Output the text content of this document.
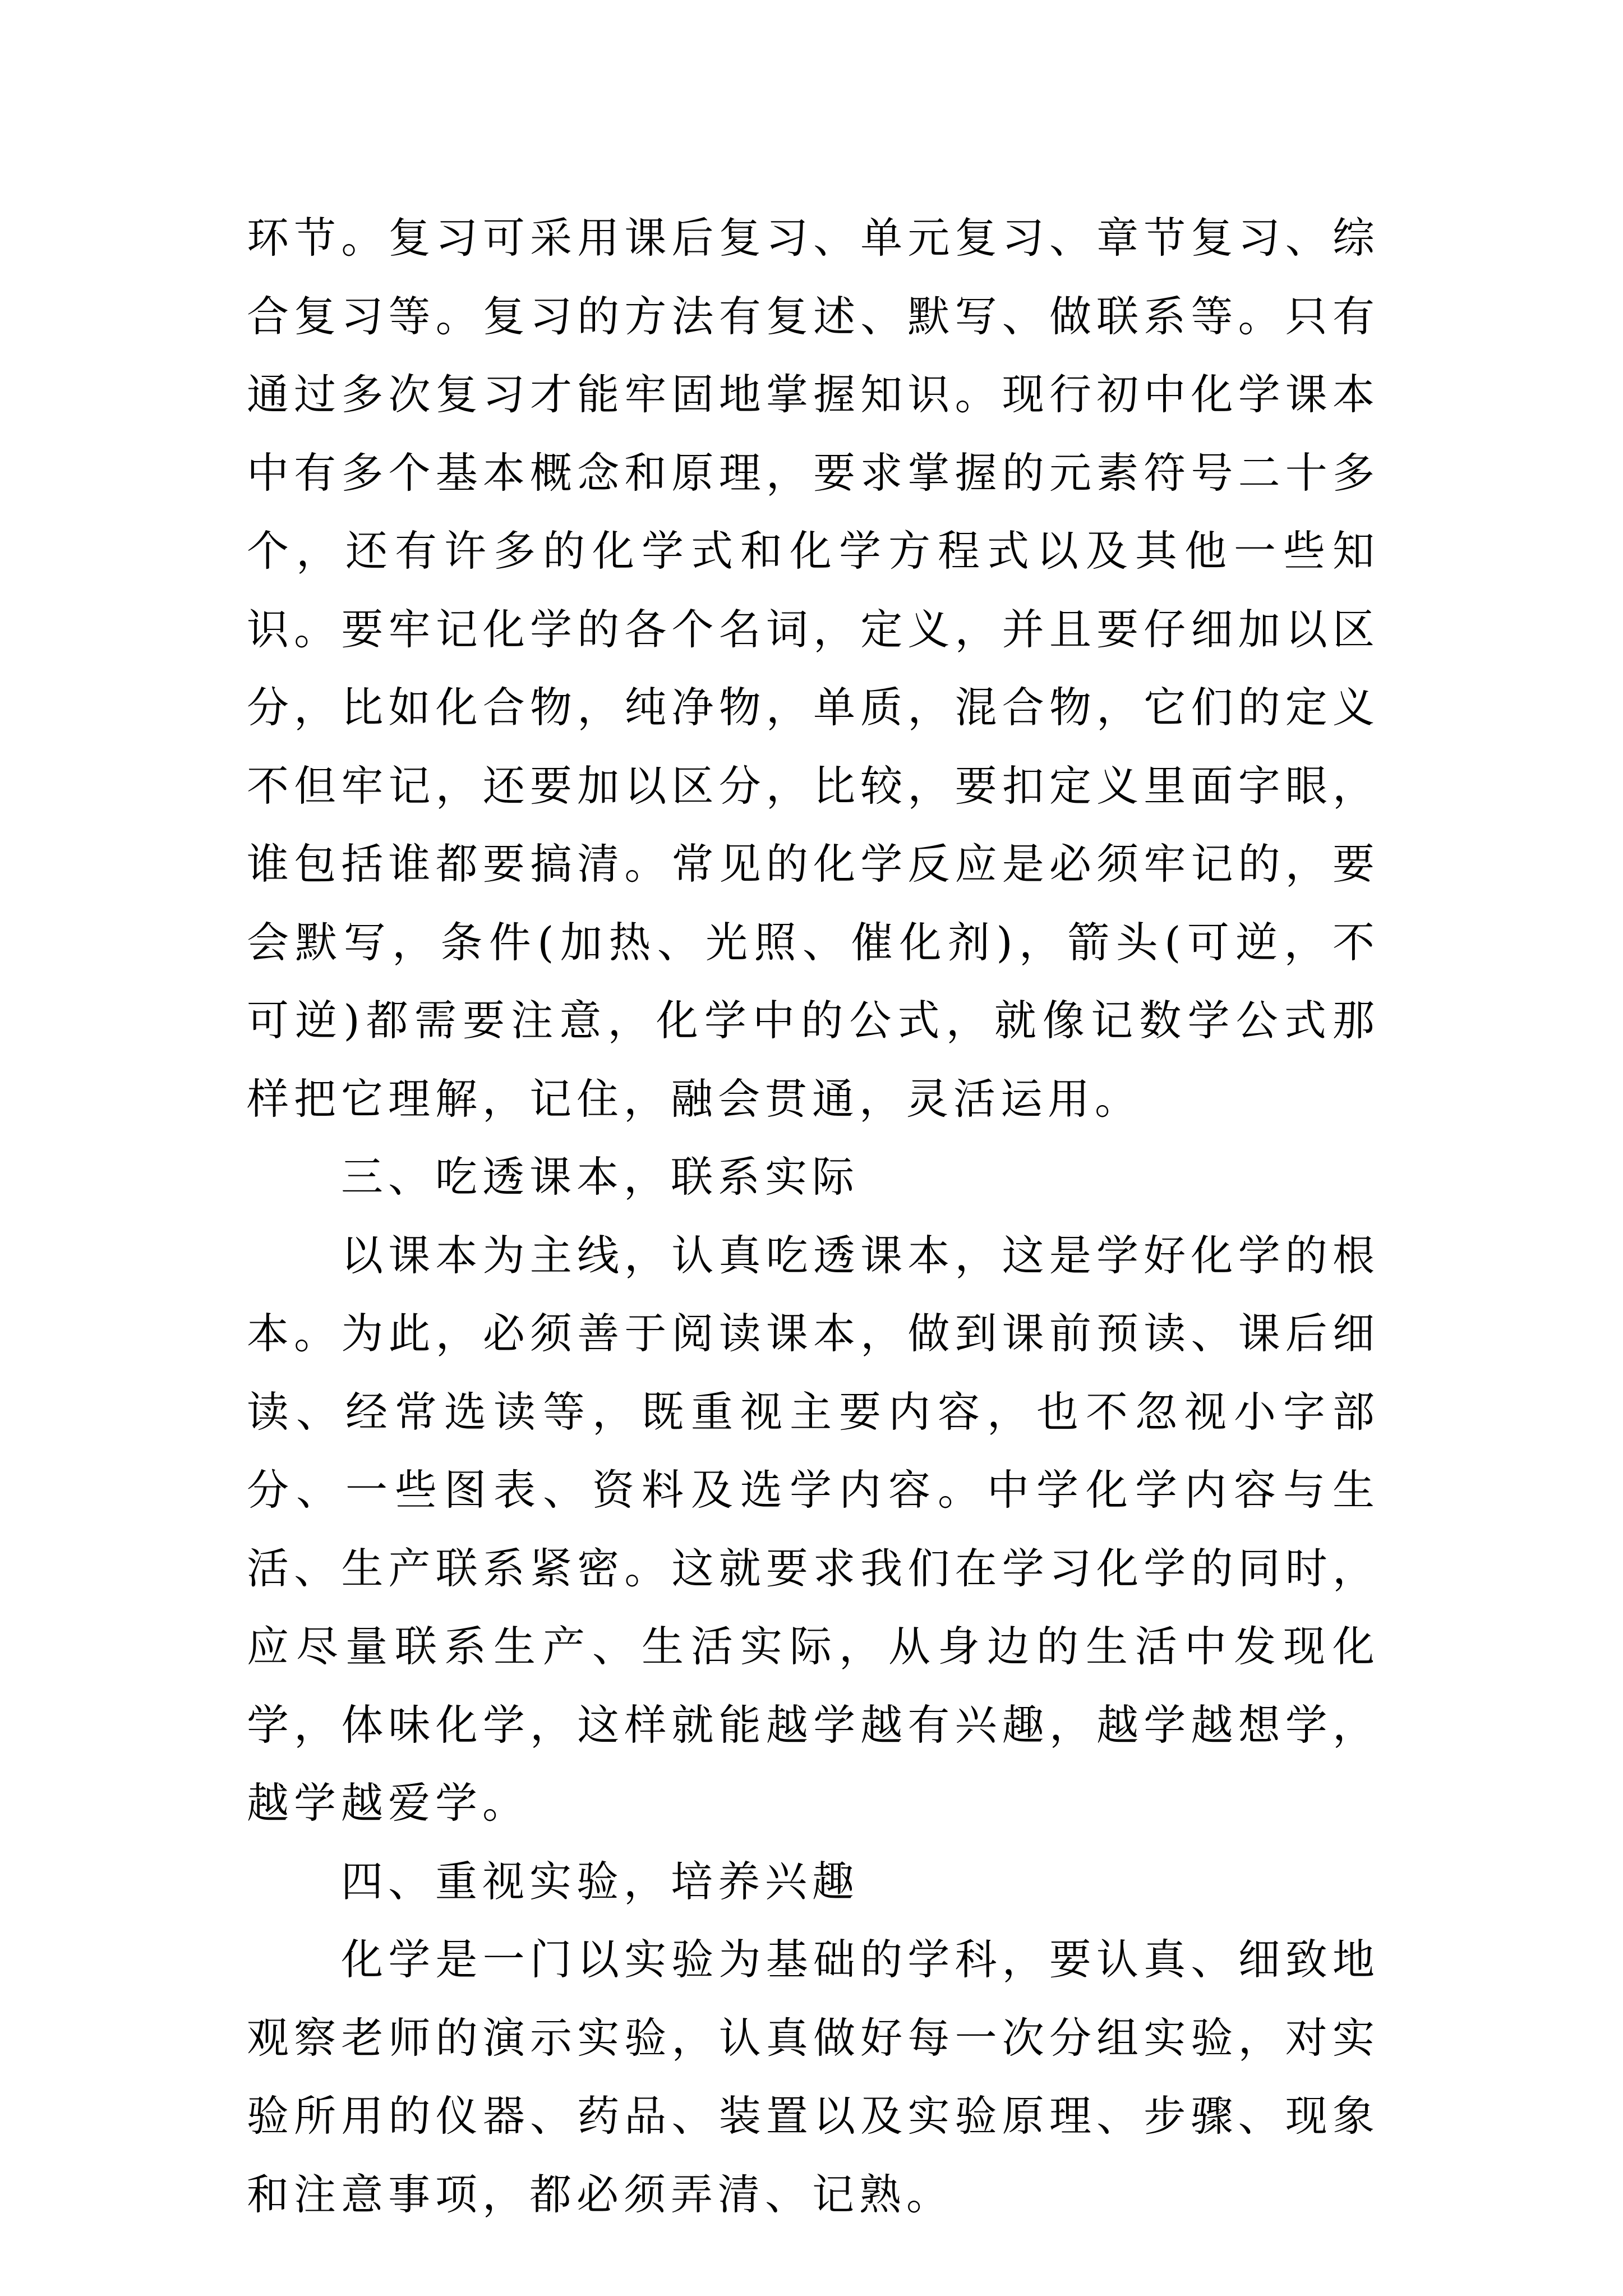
环节。复习可采用课后复习、单元复习、章节复习、综合复习等。复习的方法有复述、默写、做联系等。只有通过多次复习才能牢固地掌握知识。现行初中化学课本中有多个基本概念和原理，要求掌握的元素符号二十多个，还有许多的化学式和化学方程式以及其他一些知识。要牢记化学的各个名词，定义，并且要仔细加以区分，比如化合物，纯净物，单质，混合物，它们的定义不但牢记，还要加以区分，比较，要扣定义里面字眼，谁包括谁都要搞清。常见的化学反应是必须牢记的，要会默写，条件(加热、光照、催化剂)，箭头(可逆，不可逆)都需要注意，化学中的公式，就像记数学公式那样把它理解，记住，融会贯通，灵活运用。

三、吃透课本，联系实际

以课本为主线，认真吃透课本，这是学好化学的根本。为此，必须善于阅读课本，做到课前预读、课后细读、经常选读等，既重视主要内容，也不忽视小字部分、一些图表、资料及选学内容。中学化学内容与生活、生产联系紧密。这就要求我们在学习化学的同时，应尽量联系生产、生活实际，从身边的生活中发现化学，体味化学，这样就能越学越有兴趣，越学越想学，越学越爱学。

四、重视实验，培养兴趣

化学是一门以实验为基础的学科，要认真、细致地观察老师的演示实验，认真做好每一次分组实验，对实验所用的仪器、药品、装置以及实验原理、步骤、现象和注意事项，都必须弄清、记熟。
